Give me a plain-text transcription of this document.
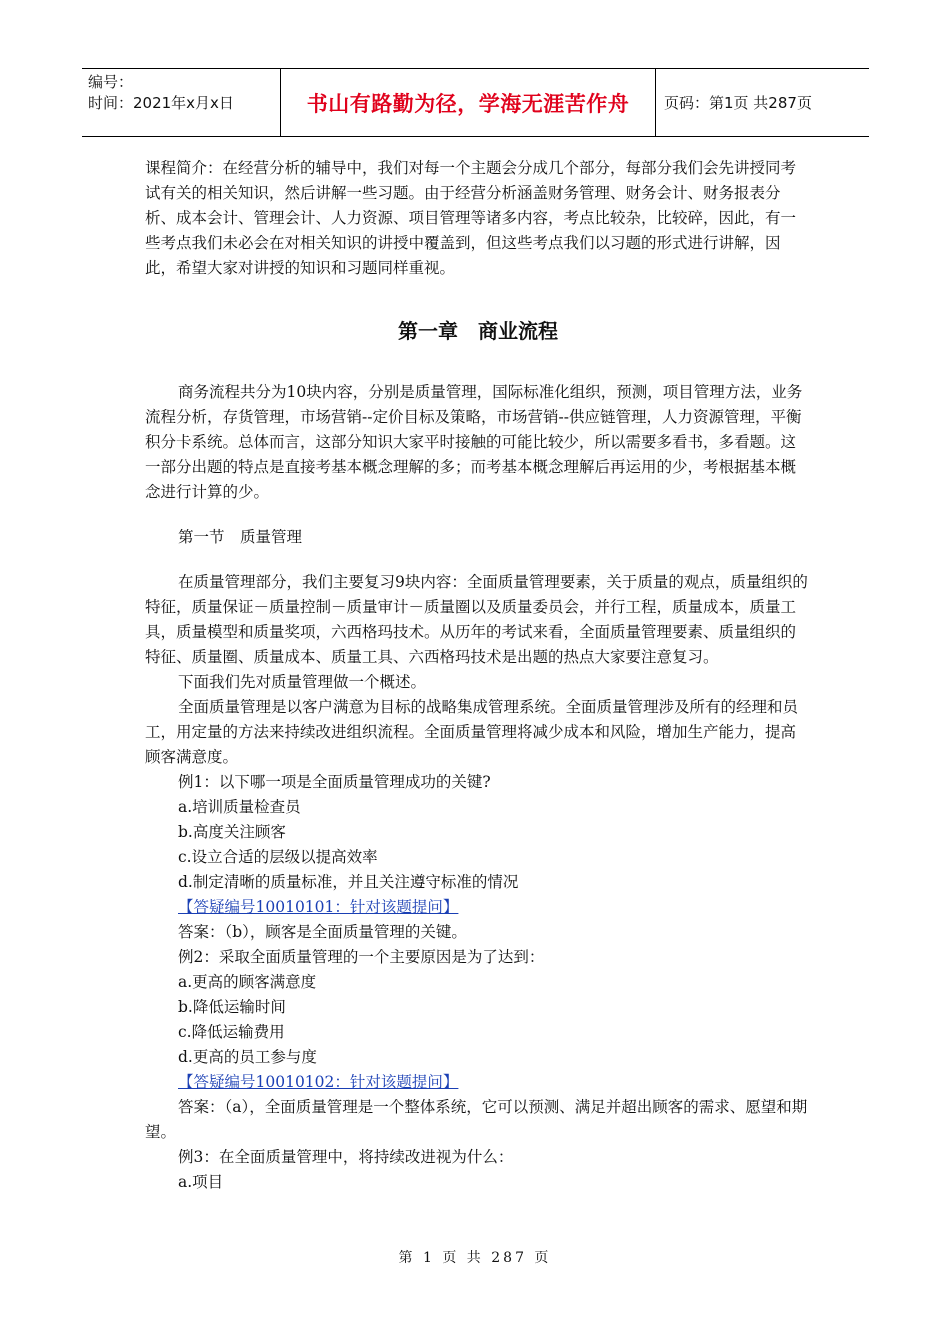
编号：
时间：2021年x月x日	书山有路勤为径，学海无涯苦作舟	页码：第1页 共287页

课程简介：在经营分析的辅导中，我们对每一个主题会分成几个部分，每部分我们会先讲授同考试有关的相关知识，然后讲解一些习题。由于经营分析涵盖财务管理、财务会计、财务报表分析、成本会计、管理会计、人力资源、项目管理等诸多内容，考点比较杂，比较碎，因此，有一些考点我们未必会在对相关知识的讲授中覆盖到，但这些考点我们以习题的形式进行讲解，因此，希望大家对讲授的知识和习题同样重视。

第一章　商业流程

商务流程共分为10块内容，分别是质量管理，国际标准化组织，预测，项目管理方法，业务流程分析，存货管理，市场营销--定价目标及策略，市场营销--供应链管理，人力资源管理，平衡积分卡系统。总体而言，这部分知识大家平时接触的可能比较少，所以需要多看书，多看题。这一部分出题的特点是直接考基本概念理解的多；而考基本概念理解后再运用的少，考根据基本概念进行计算的少。

第一节　质量管理

在质量管理部分，我们主要复习9块内容：全面质量管理要素，关于质量的观点，质量组织的特征，质量保证－质量控制－质量审计－质量圈以及质量委员会，并行工程，质量成本，质量工具，质量模型和质量奖项，六西格玛技术。从历年的考试来看，全面质量管理要素、质量组织的特征、质量圈、质量成本、质量工具、六西格玛技术是出题的热点大家要注意复习。

下面我们先对质量管理做一个概述。

全面质量管理是以客户满意为目标的战略集成管理系统。全面质量管理涉及所有的经理和员工，用定量的方法来持续改进组织流程。全面质量管理将减少成本和风险，增加生产能力，提高顾客满意度。

例1：以下哪一项是全面质量管理成功的关键?

a.培训质量检查员

b.高度关注顾客

c.设立合适的层级以提高效率

d.制定清晰的质量标准，并且关注遵守标准的情况

【答疑编号10010101：针对该题提问】

答案：（b），顾客是全面质量管理的关键。

例2：采取全面质量管理的一个主要原因是为了达到：

a.更高的顾客满意度

b.降低运输时间

c.降低运输费用

d.更高的员工参与度

【答疑编号10010102：针对该题提问】

答案：（a），全面质量管理是一个整体系统，它可以预测、满足并超出顾客的需求、愿望和期望。

例3：在全面质量管理中，将持续改进视为什么：

a.项目

第 1 页 共 287 页
